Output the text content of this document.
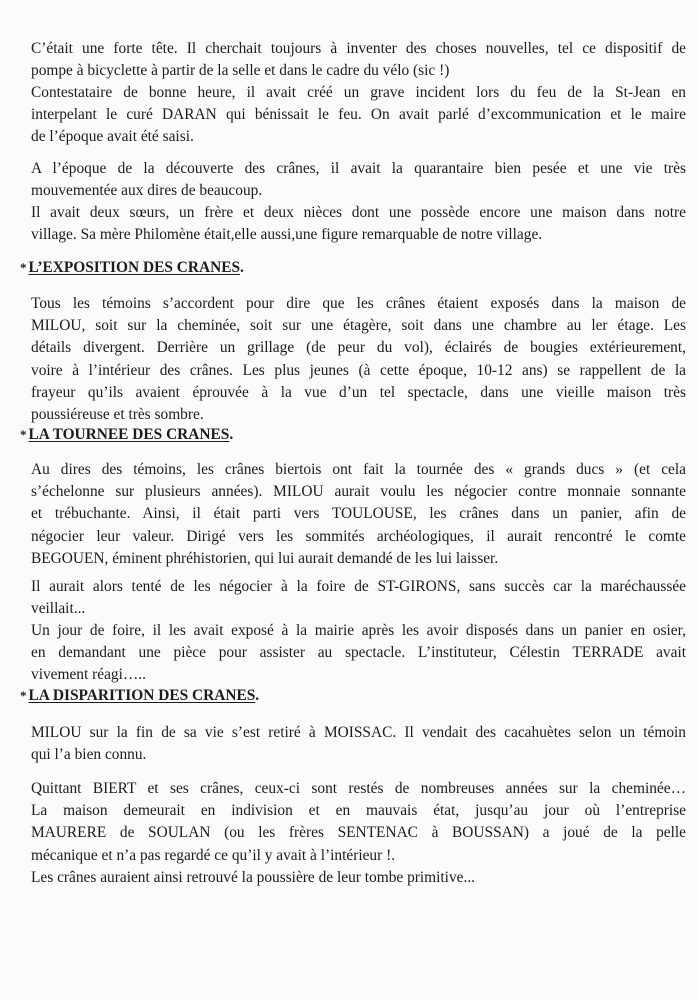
C’était une forte tête. Il cherchait toujours à inventer des choses nouvelles, tel ce dispositif de
pompe à bicyclette à partir de la selle et dans le cadre du vélo (sic !)

Contestataire de bonne heure, il avait créé un grave incident lors du feu de la St-Jean en
interpelant le curé DARAN qui bénissait le feu. On avait parlé d’excommunication et le maire
de l’époque avait été saisi.

A l’époque de la découverte des crânes, il avait la quarantaire bien pesée et une vie très
mouvementée aux dires de beaucoup.

Il avait deux sœurs, un frère et deux nièces dont une possède encore une maison dans notre
village. Sa mère Philomène était,elle aussi,une figure remarquable de notre village.

* L’EXPOSITION DES CRANES.

Tous les témoins s’accordent pour dire que les crânes étaient exposés dans la maison de
MILOU, soit sur la cheminée, soit sur une étagère, soit dans une chambre au ler étage. Les
détails divergent. Derrière un grillage (de peur du vol), éclairés de bougies extérieurement,
voire à l’intérieur des crânes. Les plus jeunes (à cette époque, 10-12 ans) se rappellent de la
frayeur qu’ils avaient éprouvée à la vue d’un tel spectacle, dans une vieille maison très
poussiéreuse et très sombre.

* LA TOURNEE DES CRANES.

Au dires des témoins, les crânes biertois ont fait la tournée des « grands ducs » (et cela
s’échelonne sur plusieurs années). MILOU aurait voulu les négocier contre monnaie sonnante
et trébuchante. Ainsi, il était parti vers TOULOUSE, les crânes dans un panier, afin de
négocier leur valeur. Dirigé vers les sommités archéologiques, il aurait rencontré le comte
BEGOUEN, éminent phréhistorien, qui lui aurait demandé de les lui laisser.

Il aurait alors tenté de les négocier à la foire de ST-GIRONS, sans succès car la maréchaussée
veillait...

Un jour de foire, il les avait exposé à la mairie après les avoir disposés dans un panier en osier,
en demandant une pièce pour assister au spectacle. L’instituteur, Célestin TERRADE avait
vivement réagi…..

* LA DISPARITION DES CRANES.

MILOU sur la fin de sa vie s’est retiré à MOISSAC. Il vendait des cacahuètes selon un témoin
qui l’a bien connu.

Quittant BIERT et ses crânes, ceux-ci sont restés de nombreuses années sur la cheminée…
La maison demeurait en indivision et en mauvais état, jusqu’au jour où l’entreprise
MAURERE de SOULAN (ou les frères SENTENAC à BOUSSAN) a joué de la pelle
mécanique et n’a pas regardé ce qu’il y avait à l’intérieur !.

Les crânes auraient ainsi retrouvé la poussière de leur tombe primitive...
